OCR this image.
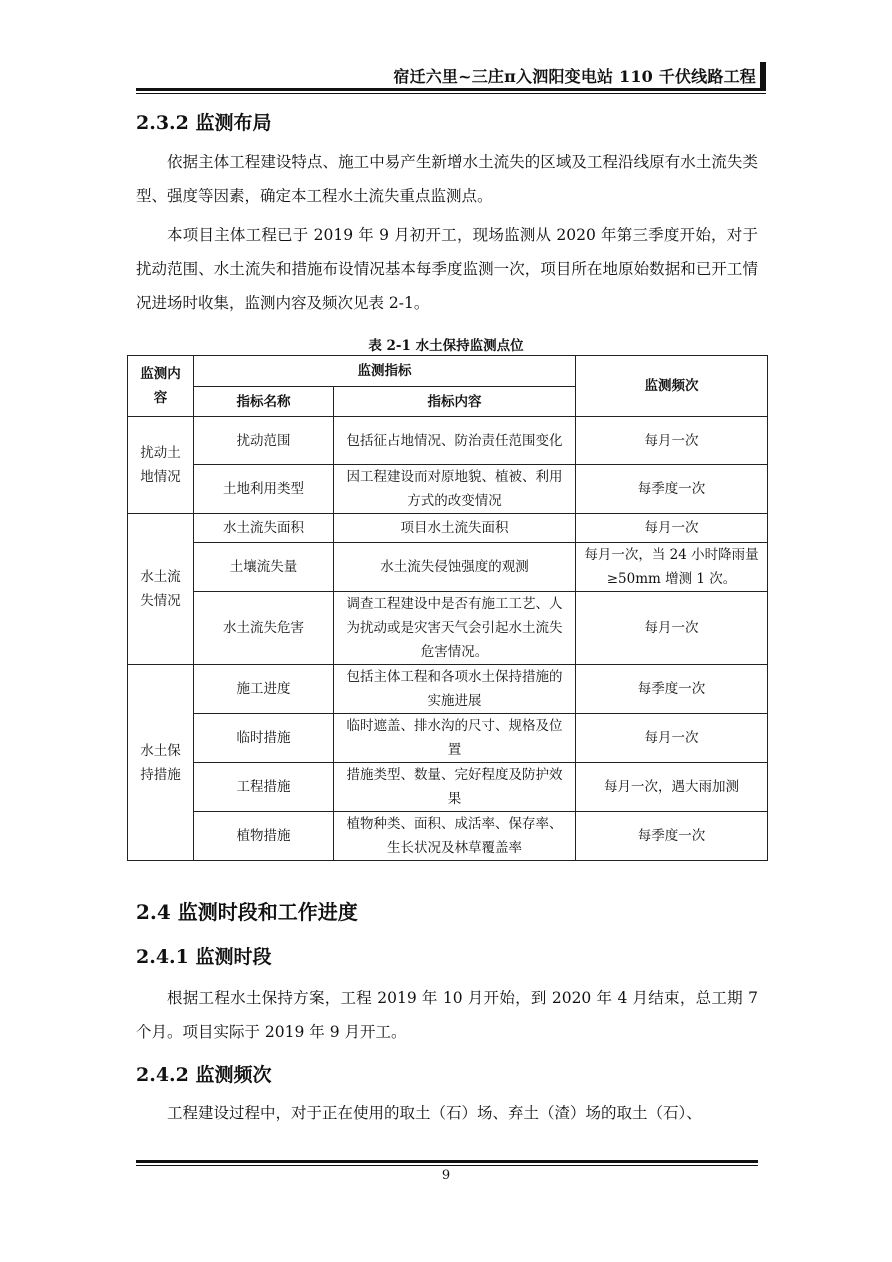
宿迁六里~三庄π入泗阳变电站 110 千伏线路工程
2.3.2 监测布局
依据主体工程建设特点、施工中易产生新增水土流失的区域及工程沿线原有水土流失类型、强度等因素，确定本工程水土流失重点监测点。
本项目主体工程已于 2019 年 9 月初开工，现场监测从 2020 年第三季度开始，对于扰动范围、水土流失和措施布设情况基本每季度监测一次，项目所在地原始数据和已开工情况进场时收集，监测内容及频次见表 2-1。
表 2-1 水土保持监测点位
监测内容	监测指标		监测频次
	指标名称	指标内容	
扰动土地情况	扰动范围	包括征占地情况、防治责任范围变化	每月一次
	土地利用类型	因工程建设而对原地貌、植被、利用方式的改变情况	每季度一次
水土流失情况	水土流失面积	项目水土流失面积	每月一次
	土壤流失量	水土流失侵蚀强度的观测	每月一次，当 24 小时降雨量≥50mm 增测 1 次。
	水土流失危害	调查工程建设中是否有施工工艺、人为扰动或是灾害天气会引起水土流失危害情况。	每月一次
水土保持措施	施工进度	包括主体工程和各项水土保持措施的实施进展	每季度一次
	临时措施	临时遮盖、排水沟的尺寸、规格及位置	每月一次
	工程措施	措施类型、数量、完好程度及防护效果	每月一次，遇大雨加测
	植物措施	植物种类、面积、成活率、保存率、生长状况及林草覆盖率	每季度一次
2.4 监测时段和工作进度
2.4.1 监测时段
根据工程水土保持方案，工程 2019 年 10 月开始，到 2020 年 4 月结束，总工期 7 个月。项目实际于 2019 年 9 月开工。
2.4.2 监测频次
工程建设过程中，对于正在使用的取土（石）场、弃土（渣）场的取土（石）、
9
